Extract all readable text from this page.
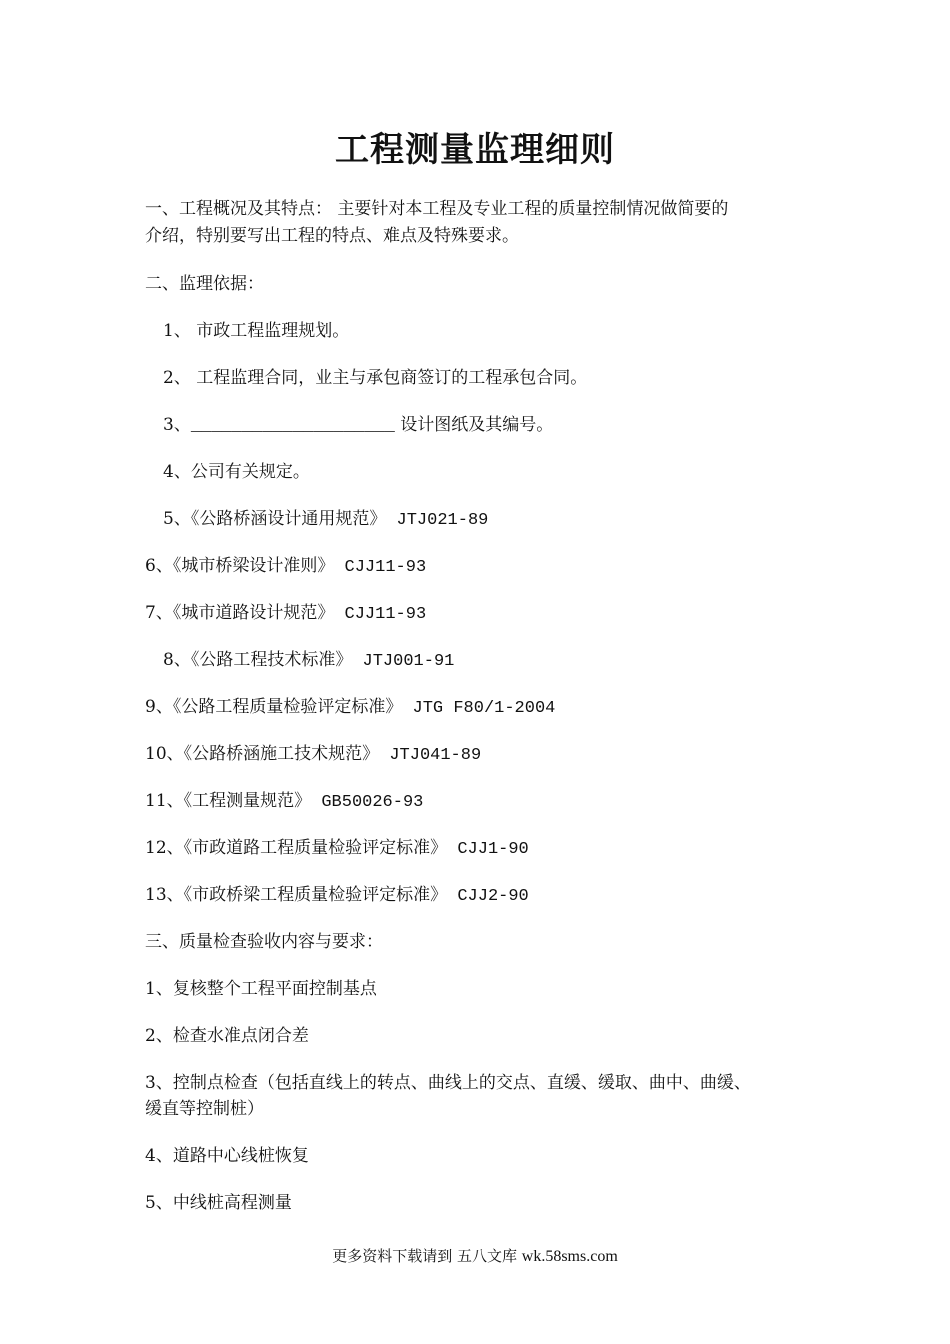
工程测量监理细则
一、工程概况及其特点： 主要针对本工程及专业工程的质量控制情况做简要的
介绍，特别要写出工程的特点、难点及特殊要求。
二、监理依据：
1、 市政工程监理规划。
2、 工程监理合同，业主与承包商签订的工程承包合同。
3、____________________ 设计图纸及其编号。
4、公司有关规定。
5、《公路桥涵设计通用规范》 JTJ021-89
6、《城市桥梁设计准则》 CJJ11-93
7、《城市道路设计规范》 CJJ11-93
8、《公路工程技术标准》 JTJ001-91
9、《公路工程质量检验评定标准》 JTG F80/1-2004
10、《公路桥涵施工技术规范》 JTJ041-89
11、《工程测量规范》 GB50026-93
12、《市政道路工程质量检验评定标准》 CJJ1-90
13、《市政桥梁工程质量检验评定标准》 CJJ2-90
三、质量检查验收内容与要求：
1、复核整个工程平面控制基点
2、检查水准点闭合差
3、控制点检查（包括直线上的转点、曲线上的交点、直缓、缓取、曲中、曲缓、
缓直等控制桩）
4、道路中心线桩恢复
5、中线桩高程测量
更多资料下载请到 五八文库 wk.58sms.com
